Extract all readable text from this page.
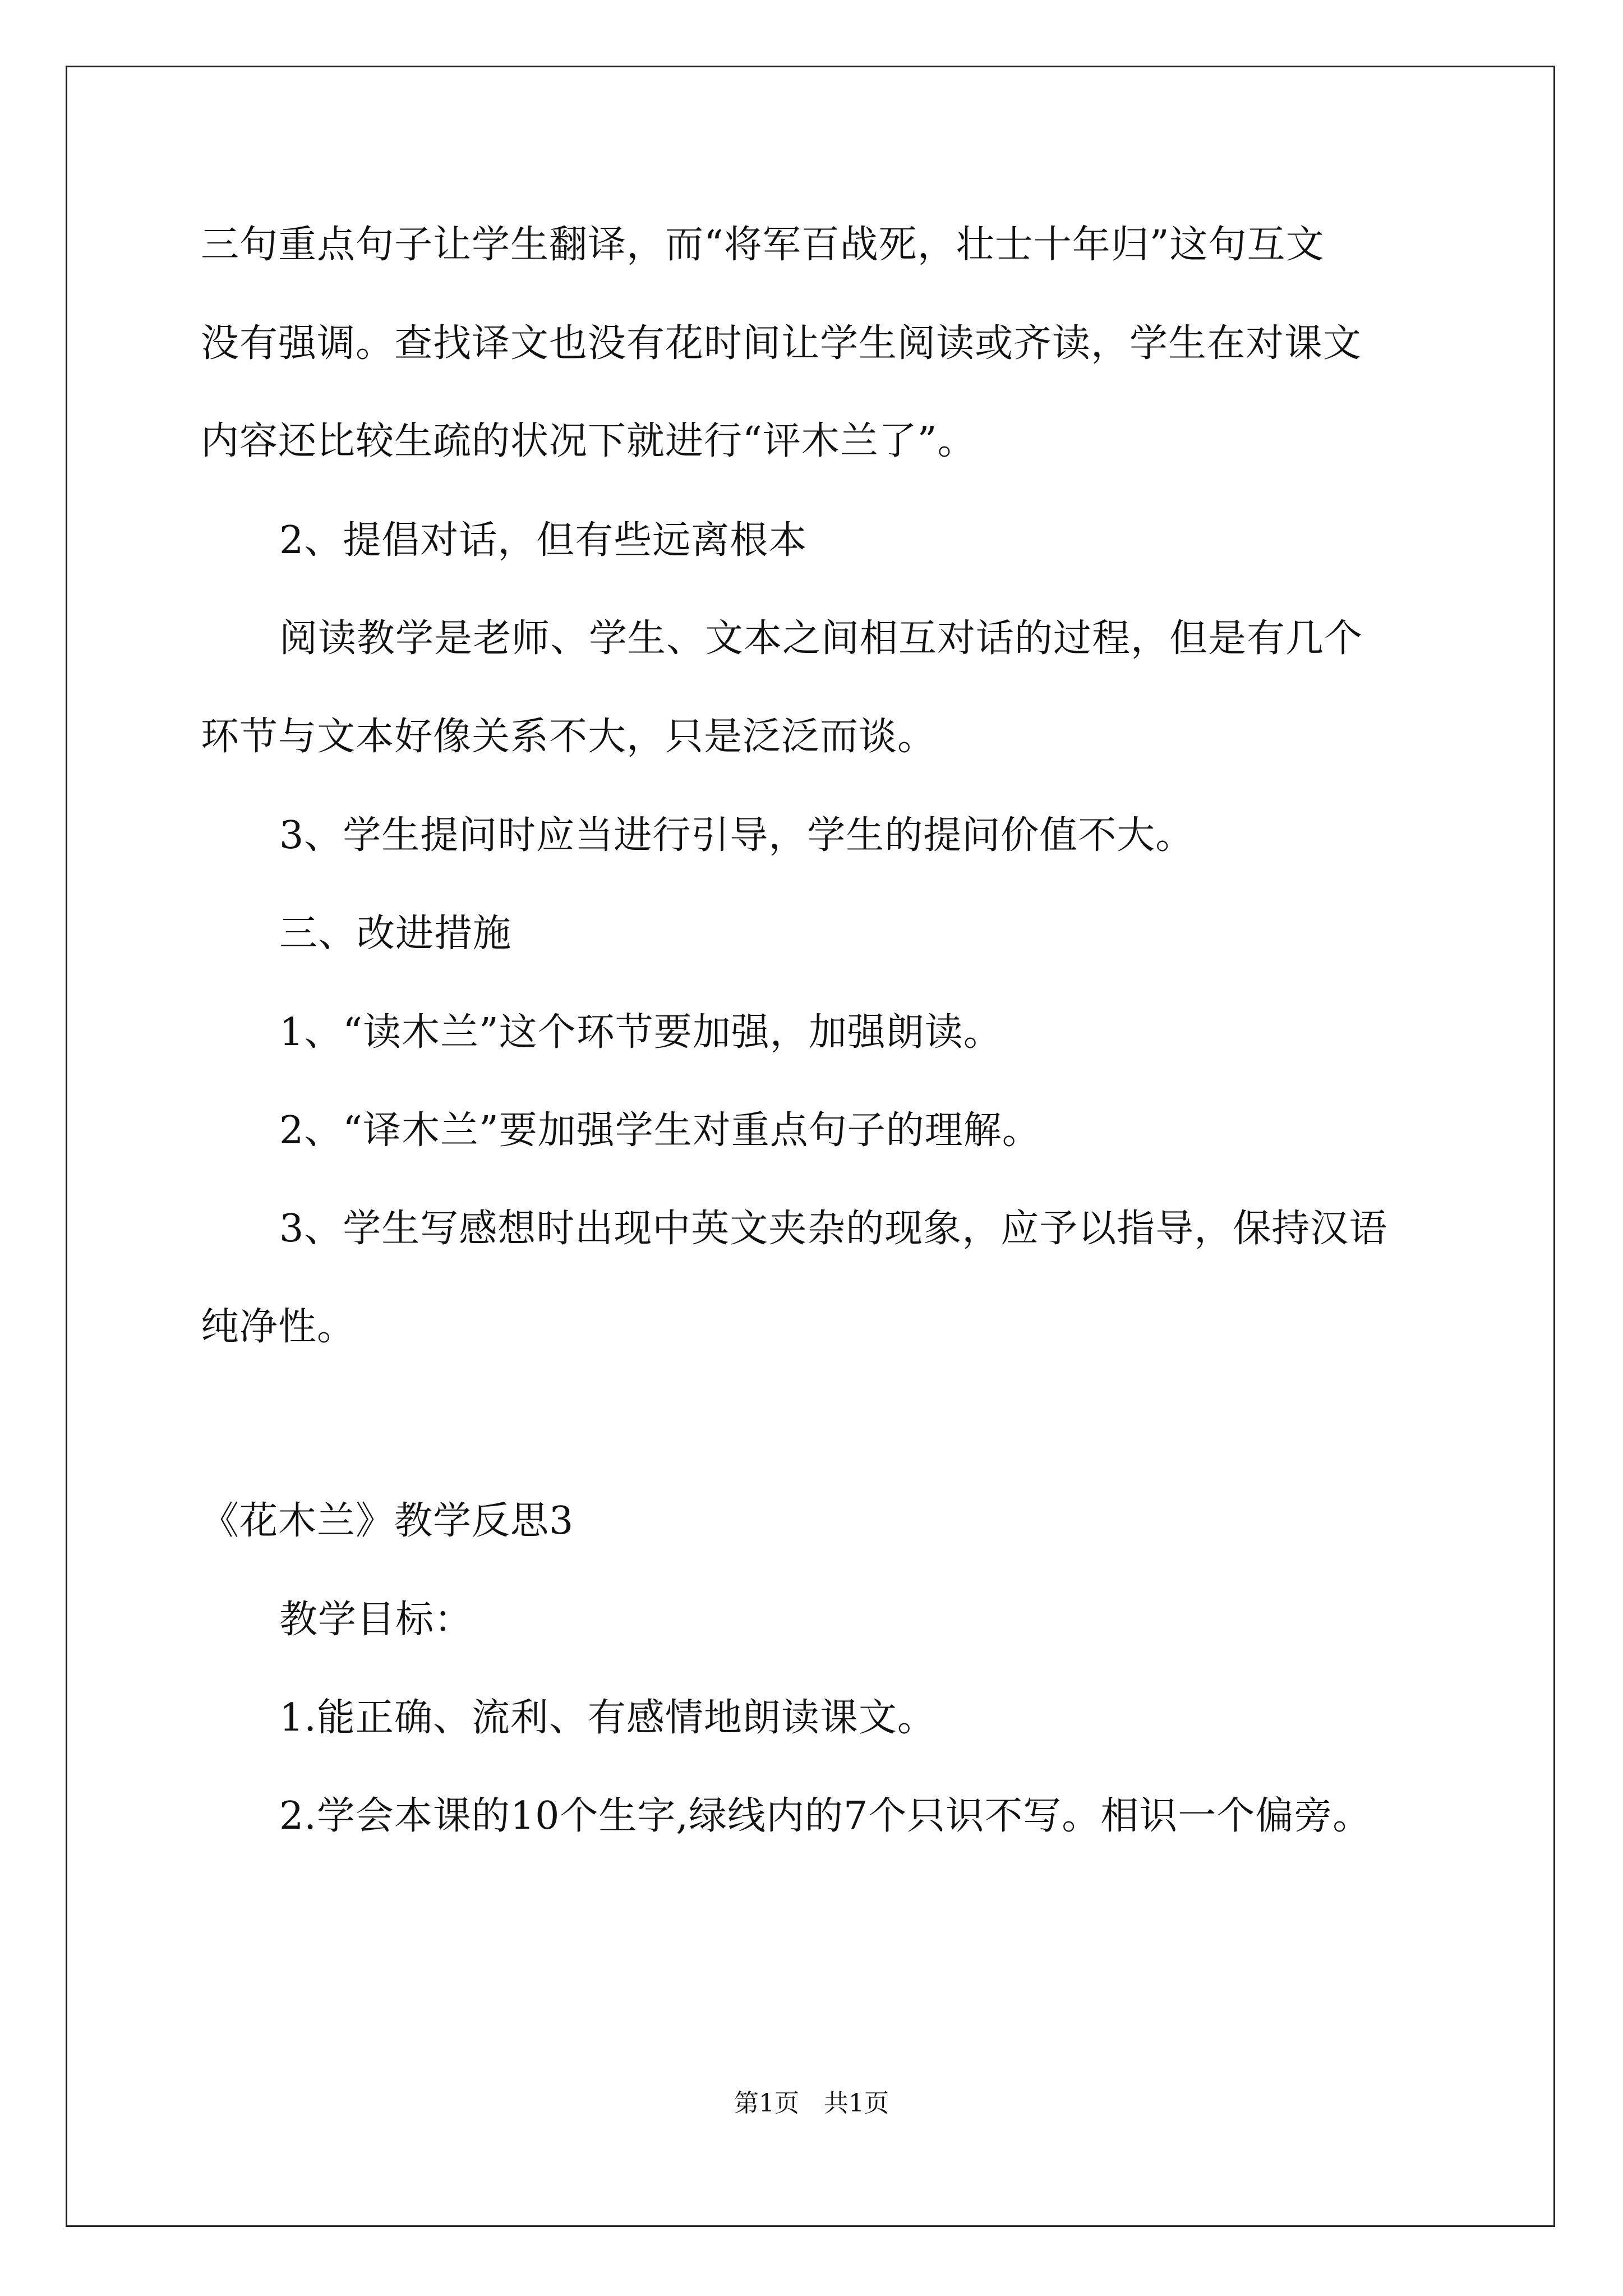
三句重点句子让学生翻译，而“将军百战死，壮士十年归”这句互文
没有强调。查找译文也没有花时间让学生阅读或齐读，学生在对课文
内容还比较生疏的状况下就进行“评木兰了”。
2、提倡对话，但有些远离根本
阅读教学是老师、学生、文本之间相互对话的过程，但是有几个
环节与文本好像关系不大，只是泛泛而谈。
3、学生提问时应当进行引导，学生的提问价值不大。
三、改进措施
1、“读木兰”这个环节要加强，加强朗读。
2、“译木兰”要加强学生对重点句子的理解。
3、学生写感想时出现中英文夹杂的现象，应予以指导，保持汉语
纯净性。
《花木兰》教学反思3
教学目标：
1.能正确、流利、有感情地朗读课文。
2.学会本课的10个生字,绿线内的7个只识不写。相识一个偏旁。
第1页　共1页
